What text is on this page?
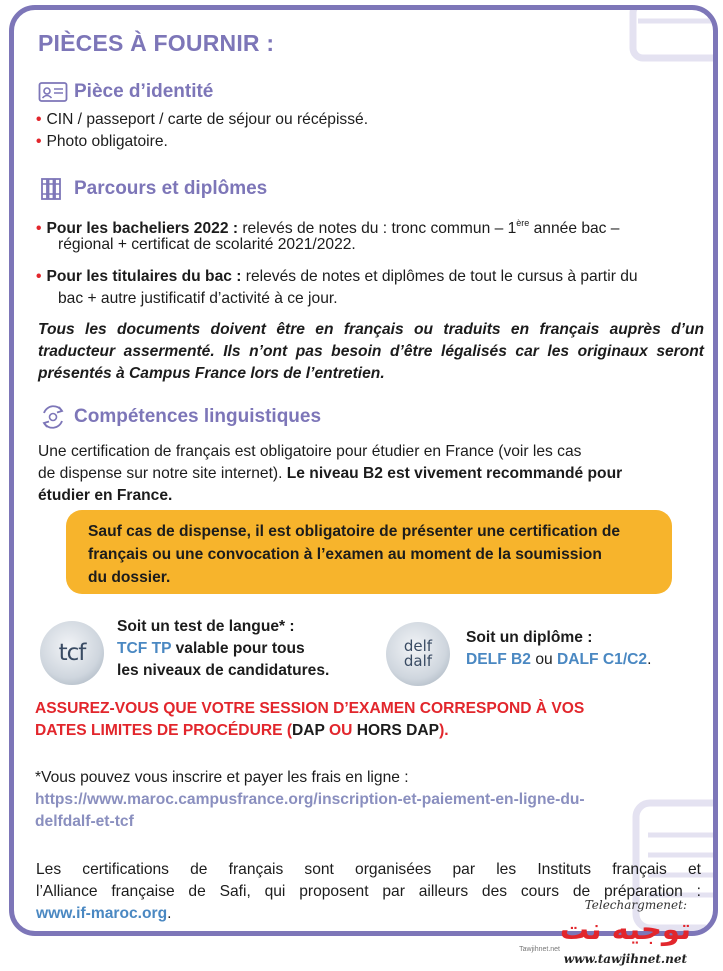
PIÈCES À FOURNIR :
Pièce d’identité
• CIN / passeport / carte de séjour ou récépissé.
• Photo obligatoire.
Parcours et diplômes
• Pour les bacheliers 2022 : relevés de notes du : tronc commun – 1ère année bac –
régional + certificat de scolarité 2021/2022.
• Pour les titulaires du bac : relevés de notes et diplômes de tout le cursus à partir du
bac + autre justificatif d’activité à ce jour.
Tous les documents doivent être en français ou traduits en français auprès d’un
traducteur assermenté. Ils n’ont pas besoin d’être légalisés car les originaux seront
présentés à Campus France lors de l’entretien.
Compétences linguistiques
Une certification de français est obligatoire pour étudier en France (voir les cas
de dispense sur notre site internet). Le niveau B2 est vivement recommandé pour
étudier en France.

Sauf cas de dispense, il est obligatoire de présenter une certification de

français ou une convocation à l’examen au moment de la soumission

du dossier.

tcf
Soit un test de langue* :
TCF TP valable pour tous
les niveaux de candidatures.
delf
dalf
Soit un diplôme :
DELF B2 ou DALF C1/C2.
ASSUREZ-VOUS QUE VOTRE SESSION D’EXAMEN CORRESPOND À VOS
DATES LIMITES DE PROCÉDURE (DAP OU HORS DAP).
*Vous pouvez vous inscrire et payer les frais en ligne :
https://www.maroc.campusfrance.org/inscription-et-paiement-en-ligne-du-
delfdalf-et-tcf
Les certifications de français sont organisées par les Instituts français et
l’Alliance française de Safi, qui proposent par ailleurs des cours de préparation :
www.if-maroc.org.	Telechargmenet:
توجيه نت
Tawjihnet.net
www.tawjihnet.net
